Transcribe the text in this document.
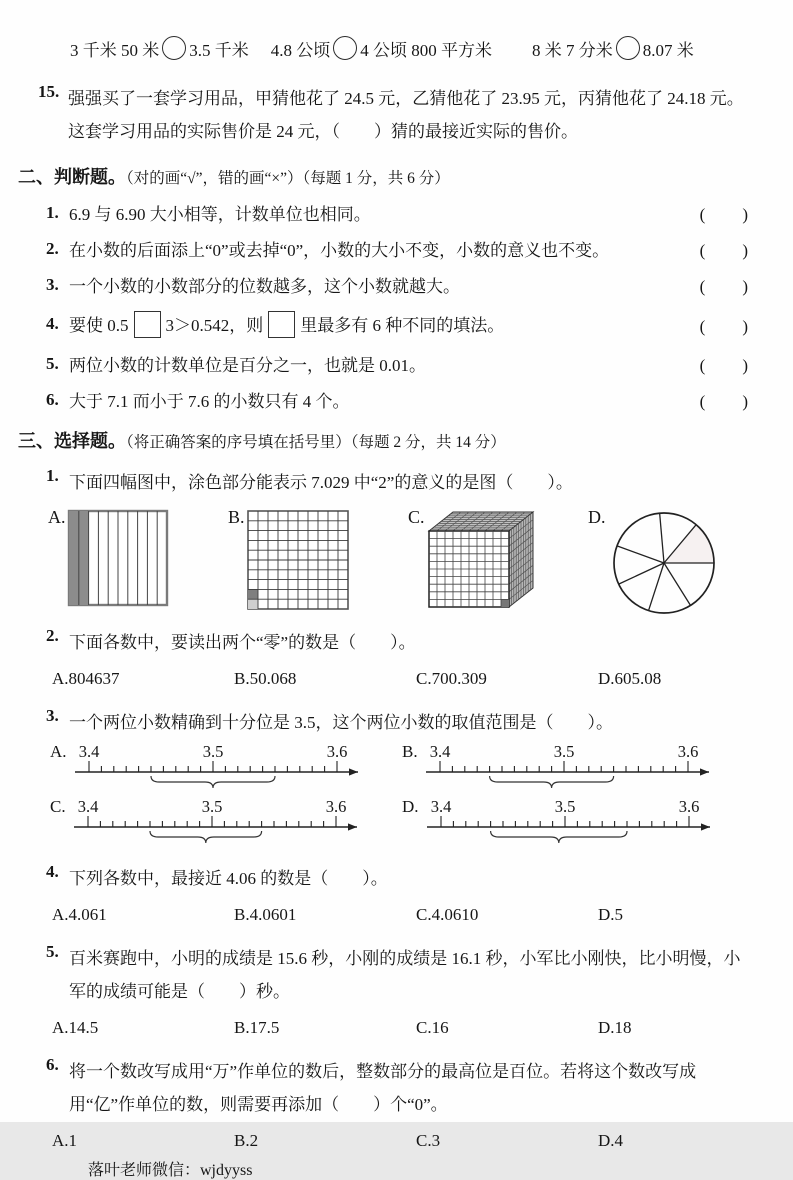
3 千米 50 米 3.5 千米 4.8 公顷 4 公顷 800 平方米 8 米 7 分米 8.07 米
15. 强强买了一套学习用品，甲猜他花了 24.5 元，乙猜他花了 23.95 元，丙猜他花了 24.18 元。这套学习用品的实际售价是 24 元，（　　）猜的最接近实际的售价。
二、判断题。（对的画“√”，错的画“×”）（每题 1 分，共 6 分）
1. 6.9 与 6.90 大小相等，计数单位也相同。	(　　)
2. 在小数的后面添上“0”或去掉“0”，小数的大小不变，小数的意义也不变。	(　　)
3. 一个小数的小数部分的位数越多，这个小数就越大。	(　　)
4. 要使 0.5 3＞0.542，则 里最多有 6 种不同的填法。	(　　)
5. 两位小数的计数单位是百分之一，也就是 0.01。	(　　)
6. 大于 7.1 而小于 7.6 的小数只有 4 个。	(　　)
三、选择题。（将正确答案的序号填在括号里）（每题 2 分，共 14 分）
1. 下面四幅图中，涂色部分能表示 7.029 中“2”的意义的是图（　　）。
A.	B.	C.	D.
2. 下面各数中，要读出两个“零”的数是（　　）。
A.804637	B.50.068	C.700.309	D.605.08
3. 一个两位小数精确到十分位是 3.5，这个两位小数的取值范围是（　　）。
A. 3.4	3.5	3.6	B. 3.4	3.5	3.6
C. 3.4	3.5	3.6	D. 3.4	3.5	3.6
4. 下列各数中，最接近 4.06 的数是（　　）。
A.4.061	B.4.0601	C.4.0610	D.5
5. 百米赛跑中，小明的成绩是 15.6 秒，小刚的成绩是 16.1 秒，小军比小刚快，比小明慢，小军的成绩可能是（　　）秒。
A.14.5	B.17.5	C.16	D.18
6. 将一个数改写成用“万”作单位的数后，整数部分的最高位是百位。若将这个数改写成用“亿”作单位的数，则需要再添加（　　）个“0”。
A.1	B.2	C.3	D.4
落叶老师微信：wjdyyss
